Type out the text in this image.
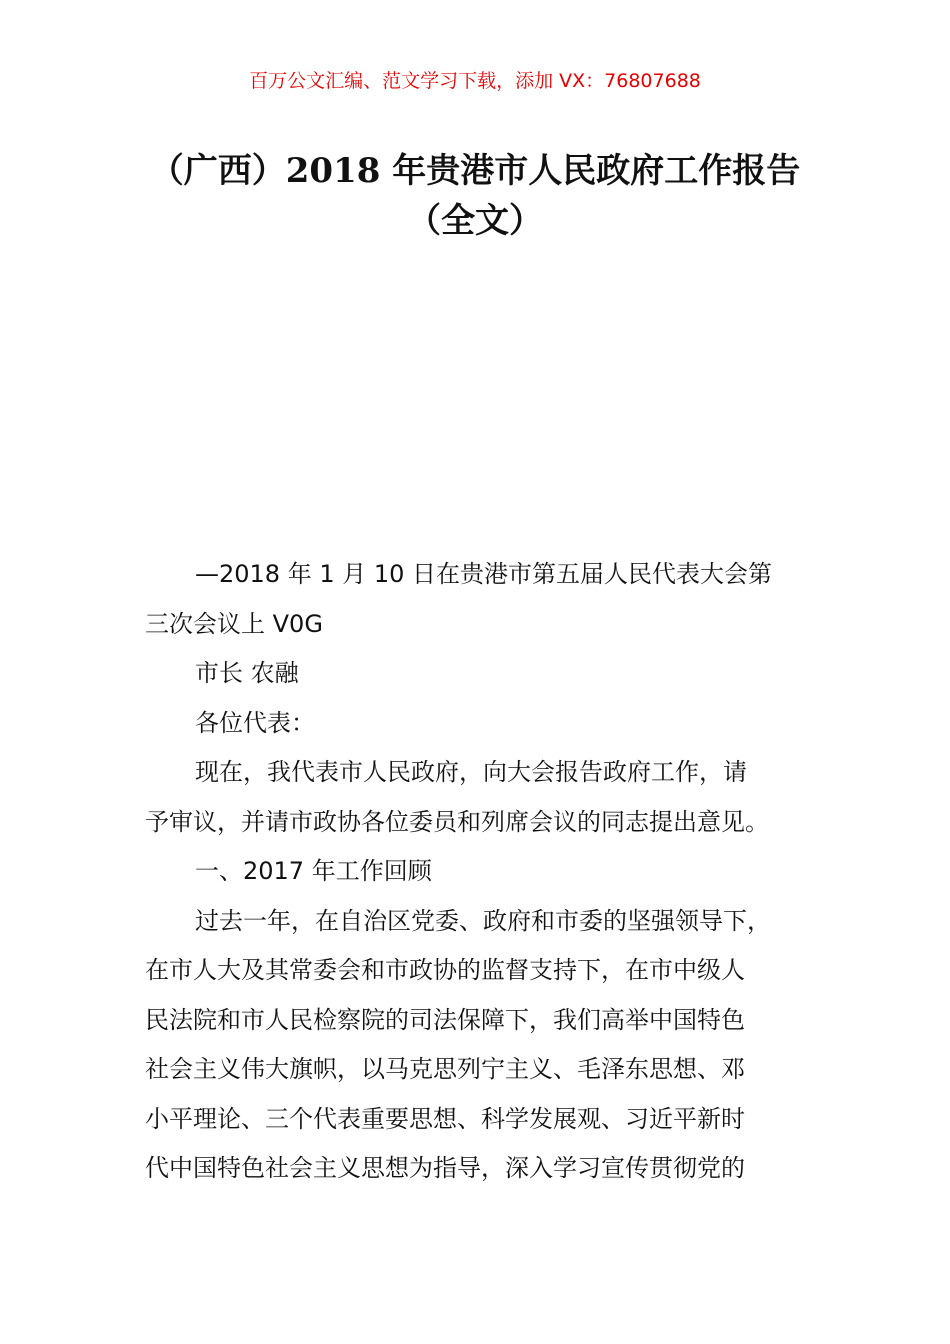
百万公文汇编、范文学习下载，添加 VX：76807688
（广西）2018 年贵港市人民政府工作报告
（全文）
—2018 年 1 月 10 日在贵港市第五届人民代表大会第
三次会议上 V0G
市长 农融
各位代表：
现在，我代表市人民政府，向大会报告政府工作，请
予审议，并请市政协各位委员和列席会议的同志提出意见。
一、2017 年工作回顾
过去一年，在自治区党委、政府和市委的坚强领导下，
在市人大及其常委会和市政协的监督支持下，在市中级人
民法院和市人民检察院的司法保障下，我们高举中国特色
社会主义伟大旗帜，以马克思列宁主义、毛泽东思想、邓
小平理论、三个代表重要思想、科学发展观、习近平新时
代中国特色社会主义思想为指导，深入学习宣传贯彻党的
